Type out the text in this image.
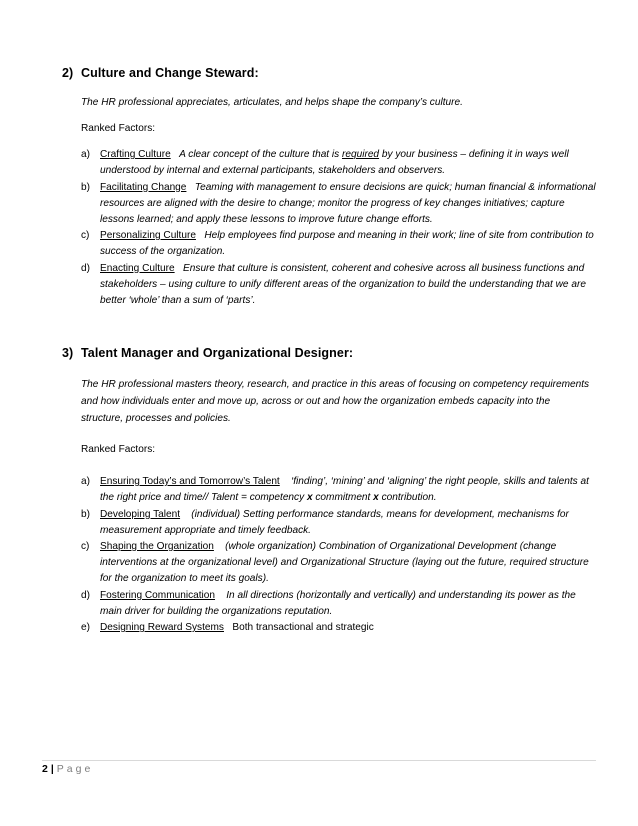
2) Culture and Change Steward:
The HR professional appreciates, articulates, and helps shape the company’s culture.
Ranked Factors:
a) Crafting Culture A clear concept of the culture that is required by your business – defining it in ways well understood by internal and external participants, stakeholders and observers.
b) Facilitating Change Teaming with management to ensure decisions are quick; human financial & informational resources are aligned with the desire to change; monitor the progress of key changes initiatives; capture lessons learned; and apply these lessons to improve future change efforts.
c) Personalizing Culture Help employees find purpose and meaning in their work; line of site from contribution to success of the organization.
d) Enacting Culture Ensure that culture is consistent, coherent and cohesive across all business functions and stakeholders – using culture to unify different areas of the organization to build the understanding that we are better ‘whole’ than a sum of ‘parts’.
3) Talent Manager and Organizational Designer:
The HR professional masters theory, research, and practice in this areas of focusing on competency requirements and how individuals enter and move up, across or out and how the organization embeds capacity into the structure, processes and policies.
Ranked Factors:
a) Ensuring Today’s and Tomorrow’s Talent ‘finding’, ‘mining’ and ‘aligning’ the right people, skills and talents at the right price and time// Talent = competency x commitment x contribution.
b) Developing Talent (individual) Setting performance standards, means for development, mechanisms for measurement appropriate and timely feedback.
c) Shaping the Organization (whole organization) Combination of Organizational Development (change interventions at the organizational level) and Organizational Structure (laying out the future, required structure for the organization to meet its goals).
d) Fostering Communication In all directions (horizontally and vertically) and understanding its power as the main driver for building the organizations reputation.
e) Designing Reward Systems Both transactional and strategic
2 | Page
